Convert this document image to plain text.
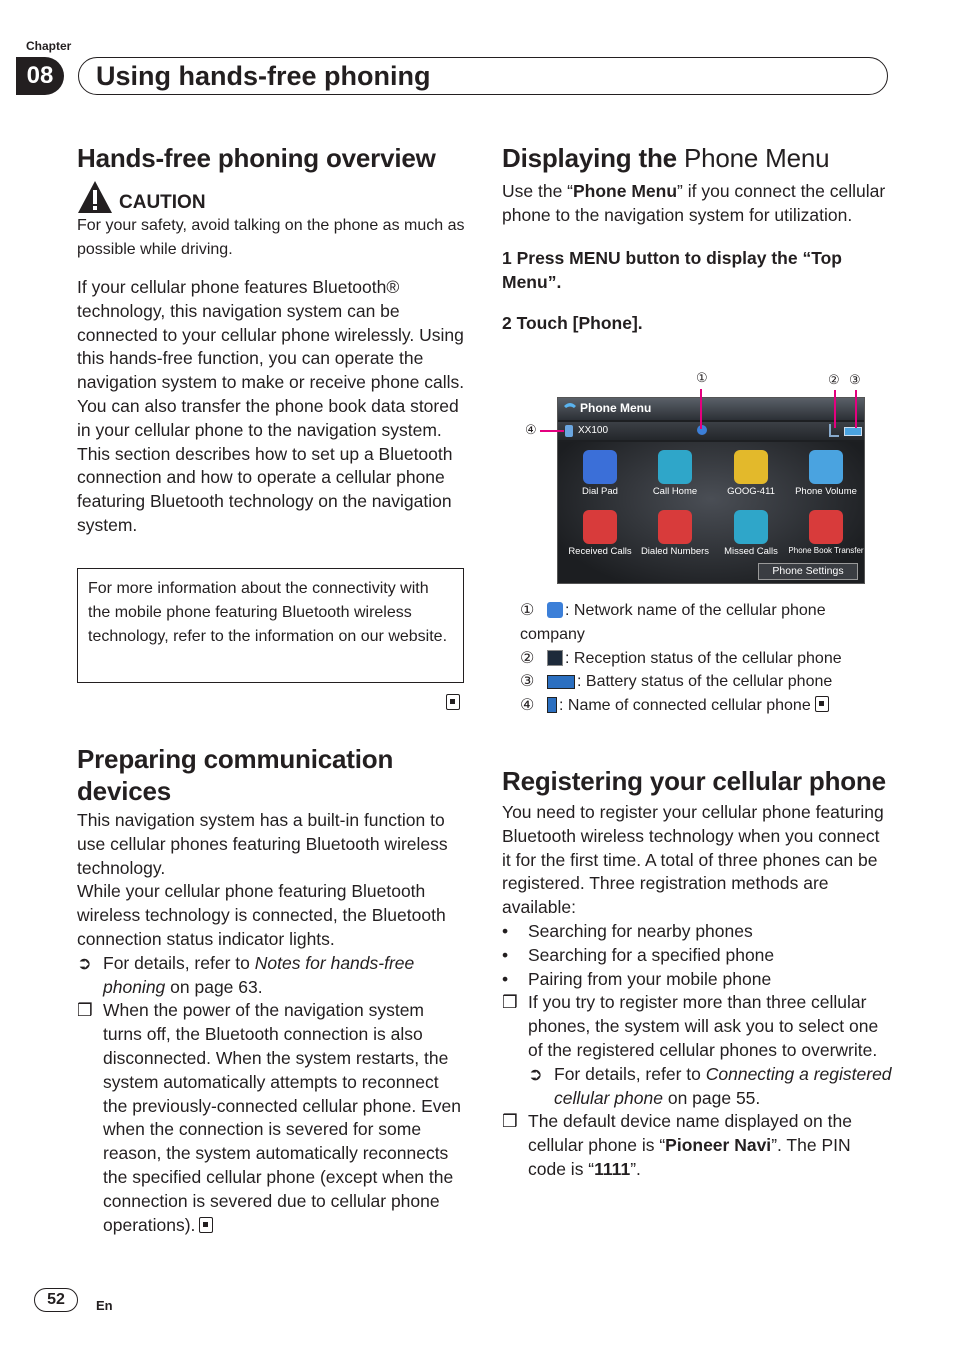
Chapter
08	Using hands-free phoning
Hands-free phoning overview
CAUTION

For your safety, avoid talking on the phone as much as possible while driving.

If your cellular phone features Bluetooth® technology, this navigation system can be connected to your cellular phone wirelessly. Using this hands-free function, you can operate the navigation system to make or receive phone calls. You can also transfer the phone book data stored in your cellular phone to the navigation system. This section describes how to set up a Bluetooth connection and how to operate a cellular phone featuring Bluetooth technology on the navigation system.

For more information about the connectivity with the mobile phone featuring Bluetooth wireless technology, refer to the information on our website.
Preparing communication devices

This navigation system has a built-in function to use cellular phones featuring Bluetooth wireless technology.

While your cellular phone featuring Bluetooth wireless technology is connected, the Bluetooth connection status indicator lights.

➲ For details, refer to Notes for hands-free phoning on page 63.
❒ When the power of the navigation system turns off, the Bluetooth connection is also disconnected. When the system restarts, the system automatically attempts to reconnect the previously-connected cellular phone. Even when the connection is severed for some reason, the system automatically reconnects the specified cellular phone (except when the connection is severed due to cellular phone operations).
Displaying the Phone Menu

Use the “Phone Menu” if you connect the cellular phone to the navigation system for utilization.

1 Press MENU button to display the “Top Menu”.

2 Touch [Phone].

①	② ③
④
Phone Menu
XX100
Dial Pad	Call Home	GOOG-411	Phone Volume
Received Calls Dialed Numbers	Missed Calls	Phone Book Transfer
Phone Settings
① : Network name of the cellular phone company
② : Reception status of the cellular phone
③	: Battery status of the cellular phone
④ : Name of connected cellular phone
Registering your cellular phone

You need to register your cellular phone featuring Bluetooth wireless technology when you connect it for the first time. A total of three phones can be registered. Three registration methods are available:

•	Searching for nearby phones
•	Searching for a specified phone
•	Pairing from your mobile phone
❒ If you try to register more than three cellular phones, the system will ask you to select one of the registered cellular phones to overwrite.
➲ For details, refer to Connecting a registered cellular phone on page 55.
❒ The default device name displayed on the cellular phone is “Pioneer Navi”. The PIN code is “1111”.
52	En
